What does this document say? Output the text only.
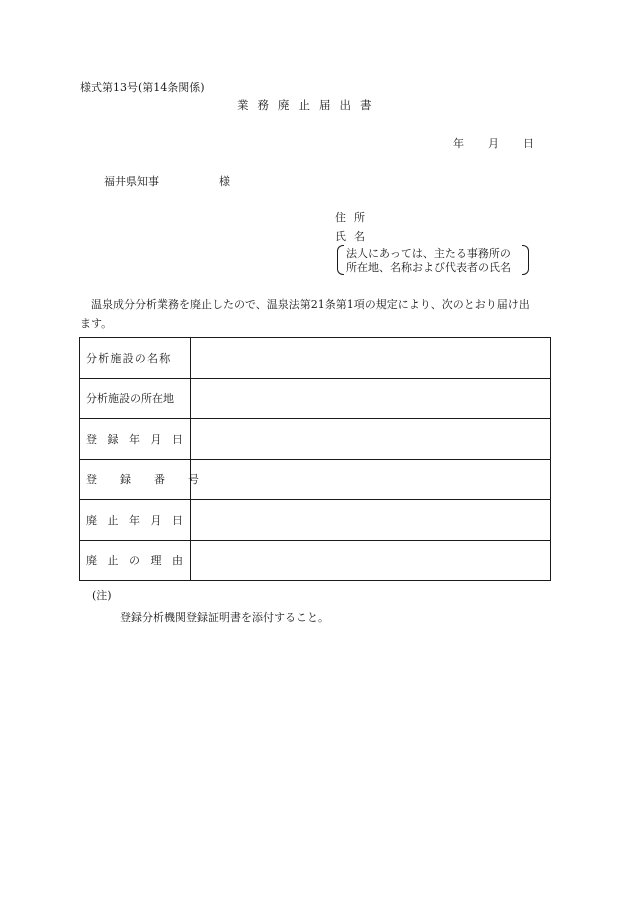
様式第13号(第14条関係)
業務廃止届出書
年 月 日
福井県知事	様
住所
氏名
法人にあっては、主たる事務所の
所在地、名称および代表者の氏名
温泉成分分析業務を廃止したので、温泉法第21条第1項の規定により、次のとおり届け出
ます。
分析施設の名称	
分析施設の所在地	
登録年月日	
登録番号	
廃止年月日	
廃止の理由	
(注)
登録分析機関登録証明書を添付すること。
